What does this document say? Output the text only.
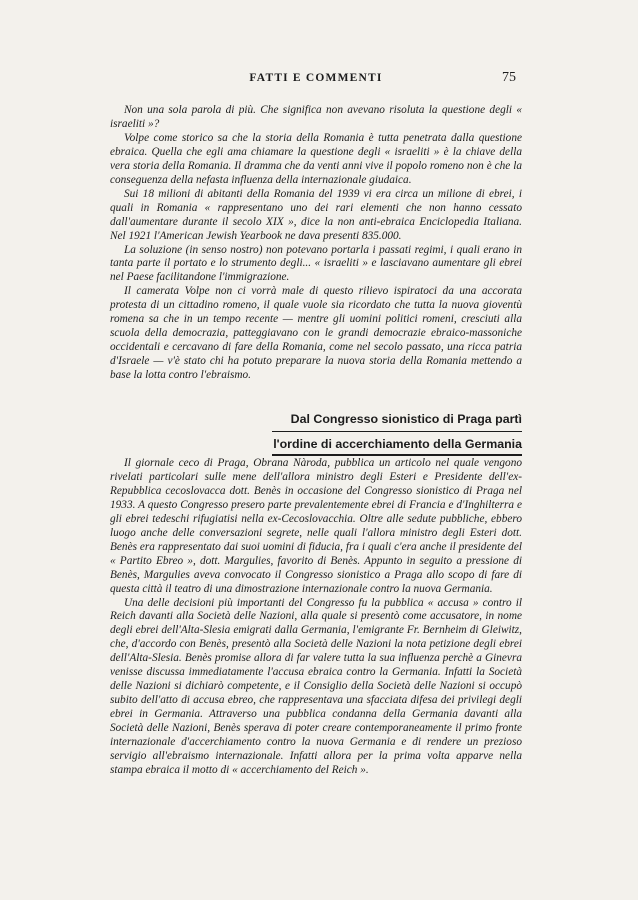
FATTI E COMMENTI	75

Non una sola parola di più. Che significa non avevano risoluta la questione degli « israeliti »?

Volpe come storico sa che la storia della Romania è tutta penetrata dalla questione ebraica. Quella che egli ama chiamare la questione degli « israeliti » è la chiave della vera storia della Romania. Il dramma che da venti anni vive il popolo romeno non è che la conseguenza della nefasta influenza della internazionale giudaica.

Sui 18 milioni di abitanti della Romania del 1939 vi era circa un milione di ebrei, i quali in Romania « rappresentano uno dei rari elementi che non hanno cessato dall'aumentare durante il secolo XIX », dice la non anti-ebraica Enciclopedia Italiana. Nel 1921 l'American Jewish Yearbook ne dava presenti 835.000.

La soluzione (in senso nostro) non potevano portarla i passati regimi, i quali erano in tanta parte il portato e lo strumento degli... « israeliti » e lasciavano aumentare gli ebrei nel Paese facilitandone l'immigrazione.

Il camerata Volpe non ci vorrà male di questo rilievo ispiratoci da una accorata protesta di un cittadino romeno, il quale vuole sia ricordato che tutta la nuova gioventù romena sa che in un tempo recente — mentre gli uomini politici romeni, cresciuti alla scuola della democrazia, patteggiavano con le grandi democrazie ebraico-massoniche occidentali e cercavano di fare della Romania, come nel secolo passato, una ricca patria d'Israele — v'è stato chi ha potuto preparare la nuova storia della Romania mettendo a base la lotta contro l'ebraismo.

Dal Congresso sionistico di Praga partì
l'ordine di accerchiamento della Germania

Il giornale ceco di Praga, Obrana Nàroda, pubblica un articolo nel quale vengono rivelati particolari sulle mene dell'allora ministro degli Esteri e Presidente dell'ex-Repubblica cecoslovacca dott. Benès in occasione del Congresso sionistico di Praga nel 1933. A questo Congresso presero parte prevalentemente ebrei di Francia e d'Inghilterra e gli ebrei tedeschi rifugiatisi nella ex-Cecoslovacchia. Oltre alle sedute pubbliche, ebbero luogo anche delle conversazioni segrete, nelle quali l'allora ministro degli Esteri dott. Benès era rappresentato dai suoi uomini di fiducia, fra i quali c'era anche il presidente del « Partito Ebreo », dott. Margulies, favorito di Benès. Appunto in seguito a pressione di Benès, Margulies aveva convocato il Congresso sionistico a Praga allo scopo di fare di questa città il teatro di una dimostrazione internazionale contro la nuova Germania.

Una delle decisioni più importanti del Congresso fu la pubblica « accusa » contro il Reich davanti alla Società delle Nazioni, alla quale si presentò come accusatore, in nome degli ebrei dell'Alta-Slesia emigrati dalla Germania, l'emigrante Fr. Bernheim di Gleiwitz, che, d'accordo con Benès, presentò alla Società delle Nazioni la nota petizione degli ebrei dell'Alta-Slesia. Benès promise allora di far valere tutta la sua influenza perchè a Ginevra venisse discussa immediatamente l'accusa ebraica contro la Germania. Infatti la Società delle Nazioni si dichiarò competente, e il Consiglio della Società delle Nazioni si occupò subito dell'atto di accusa ebreo, che rappresentava una sfacciata difesa dei privilegi degli ebrei in Germania. Attraverso una pubblica condanna della Germania davanti alla Società delle Nazioni, Benès sperava di poter creare contemporaneamente il primo fronte internazionale d'accerchiamento contro la nuova Germania e di rendere un prezioso servigio all'ebraismo internazionale. Infatti allora per la prima volta apparve nella stampa ebraica il motto di « accerchiamento del Reich ».
